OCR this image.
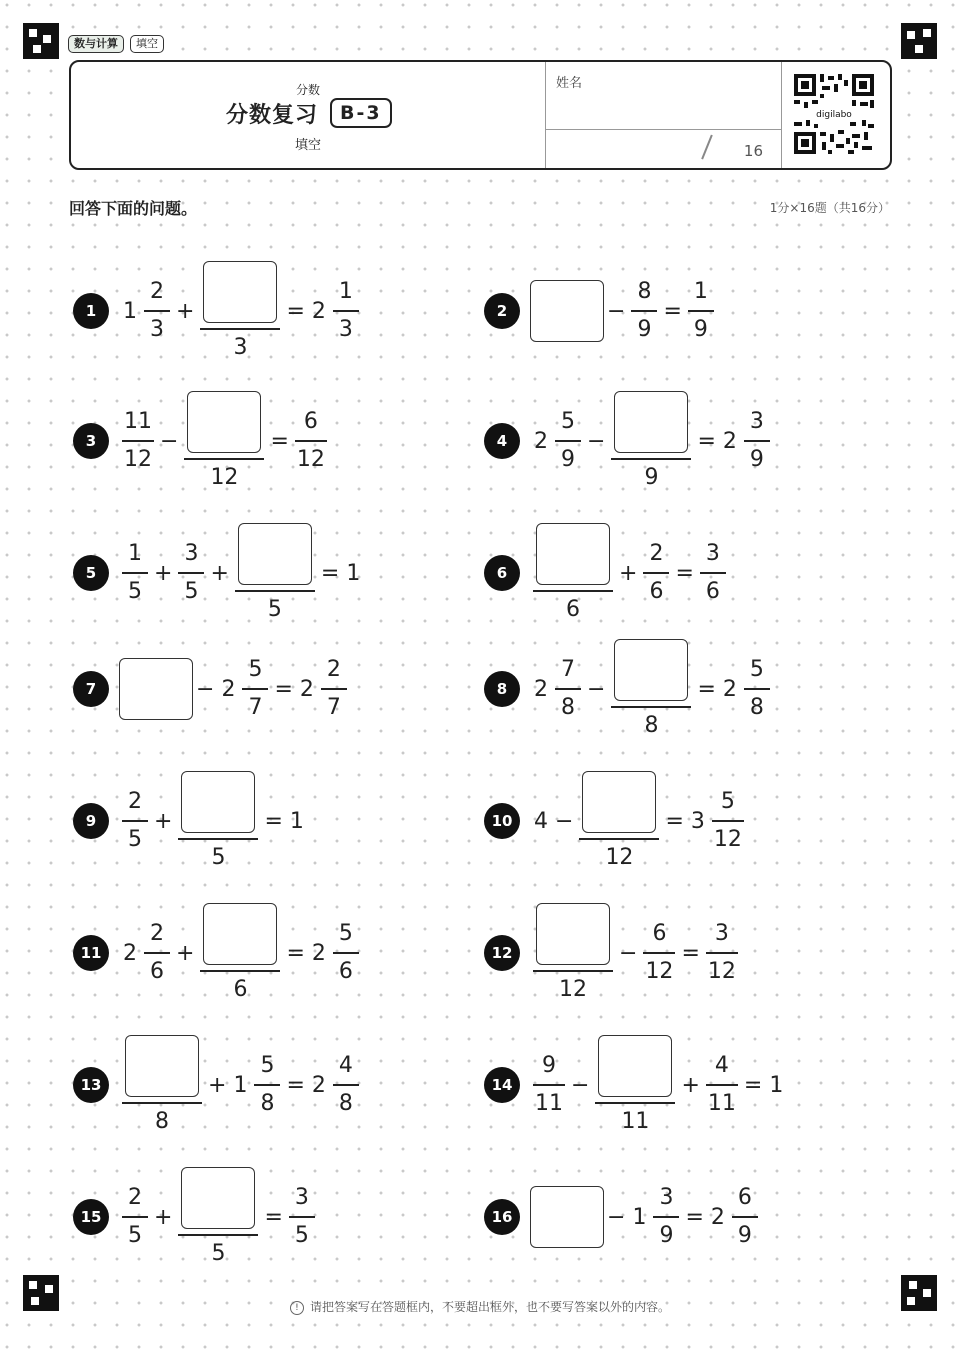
数与计算	填空
分数
分数复习	B-3
填空
姓名
16
digilabo
回答下面的问题。	1分×16题（共16分）
1	$1 \frac{2}{3}$ +
3
= $2 \frac{1}{3}$	2	− $\frac{8}{9} = \frac{1}{9}$
3	$\frac{11}{12}$ −
12
= $\frac{6}{12}$	4	$2 \frac{5}{9}$ −
9
= $2 \frac{3}{9}$
5	$\frac{1}{5} + \frac{3}{5}$ +
5
= 1	6
6
+ $\frac{2}{6} = \frac{3}{6}$
7	− $2 \frac{5}{7} = 2 \frac{2}{7}$	8	$2 \frac{7}{8}$ −
8
= $2 \frac{5}{8}$
9	$\frac{2}{5}$ +
5
= 1	10 4 −
12
= $3 \frac{5}{12}$
11 $2 \frac{2}{6}$ +
6
= $2 \frac{5}{6}$	12
12
− $\frac{6}{12} = \frac{3}{12}$
13
8
+ $1 \frac{5}{8} = 2 \frac{4}{8}$	$14 \frac{9}{11}$ −
11
+ $\frac{4}{11} = 1$
$15 \frac{2}{5}$ +
5
= $\frac{3}{5}$	16	− $1 \frac{3}{9} = 2 \frac{6}{9}$
! 请把答案写在答题框内，不要超出框外，也不要写答案以外的内容。
